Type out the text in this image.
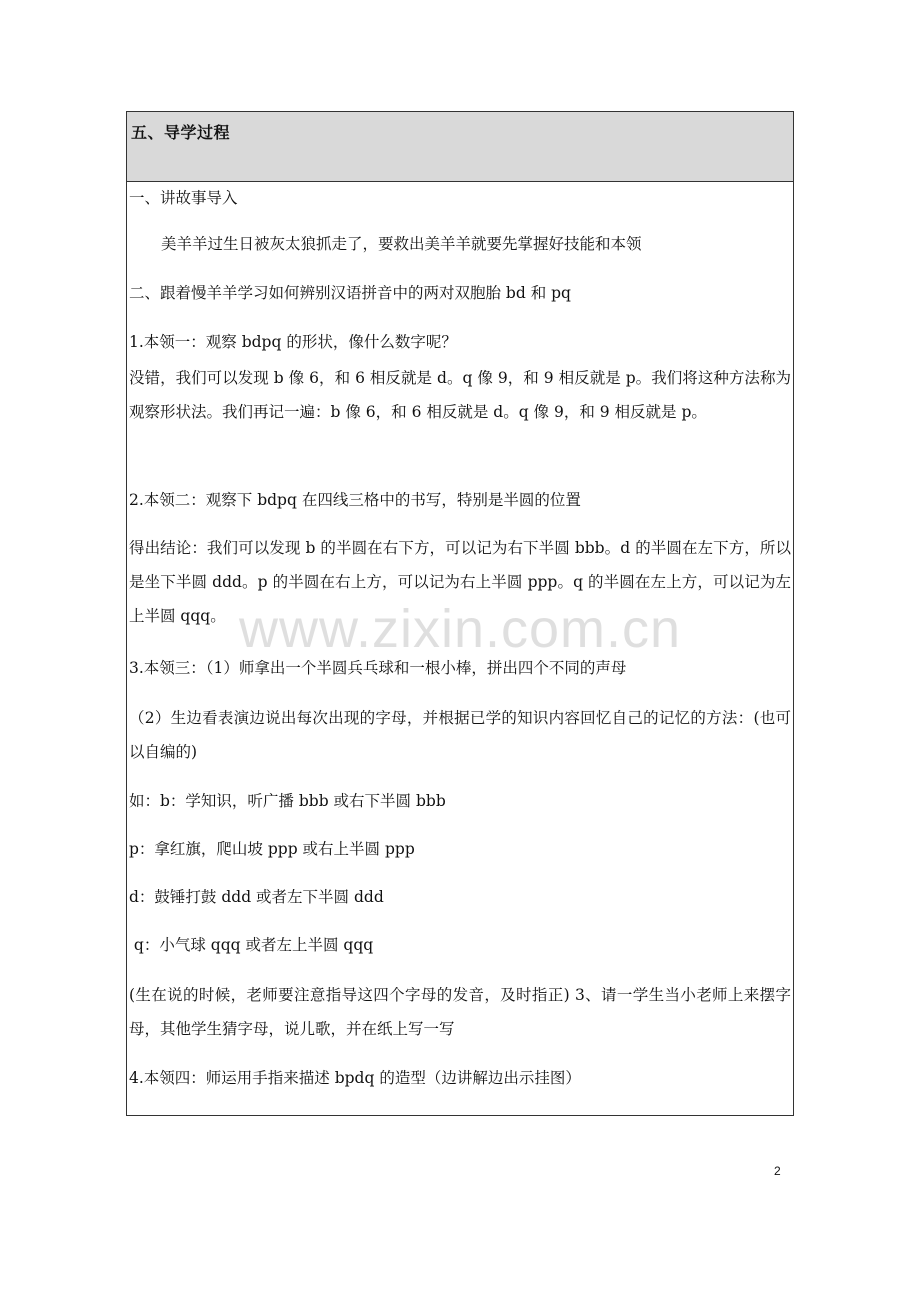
五、导学过程

一、讲故事导入

美羊羊过生日被灰太狼抓走了，要救出美羊羊就要先掌握好技能和本领

二、跟着慢羊羊学习如何辨别汉语拼音中的两对双胞胎 bd 和 pq

1.本领一：观察 bdpq 的形状，像什么数字呢？

没错，我们可以发现 b 像 6，和 6 相反就是 d。q 像 9，和 9 相反就是 p。我们将这种方法称为观察形状法。我们再记一遍：b 像 6，和 6 相反就是 d。q 像 9，和 9 相反就是 p。

2.本领二：观察下 bdpq 在四线三格中的书写，特别是半圆的位置

得出结论：我们可以发现 b 的半圆在右下方，可以记为右下半圆 bbb。d 的半圆在左下方，所以是坐下半圆 ddd。p 的半圆在右上方，可以记为右上半圆 ppp。q 的半圆在左上方，可以记为左上半圆 qqq。

3.本领三：（1）师拿出一个半圆兵乓球和一根小棒，拼出四个不同的声母

（2）生边看表演边说出每次出现的字母，并根据已学的知识内容回忆自己的记忆的方法：(也可以自编的)

如：b：学知识，听广播 bbb 或右下半圆 bbb

p：拿红旗，爬山坡 ppp 或右上半圆 ppp

d：鼓锤打鼓 ddd 或者左下半圆 ddd

q：小气球 qqq 或者左上半圆 qqq

(生在说的时候，老师要注意指导这四个字母的发音，及时指正) 3、请一学生当小老师上来摆字母，其他学生猜字母，说儿歌，并在纸上写一写

4.本领四：师运用手指来描述 bpdq 的造型（边讲解边出示挂图）

www.zixin.com.cn
2
